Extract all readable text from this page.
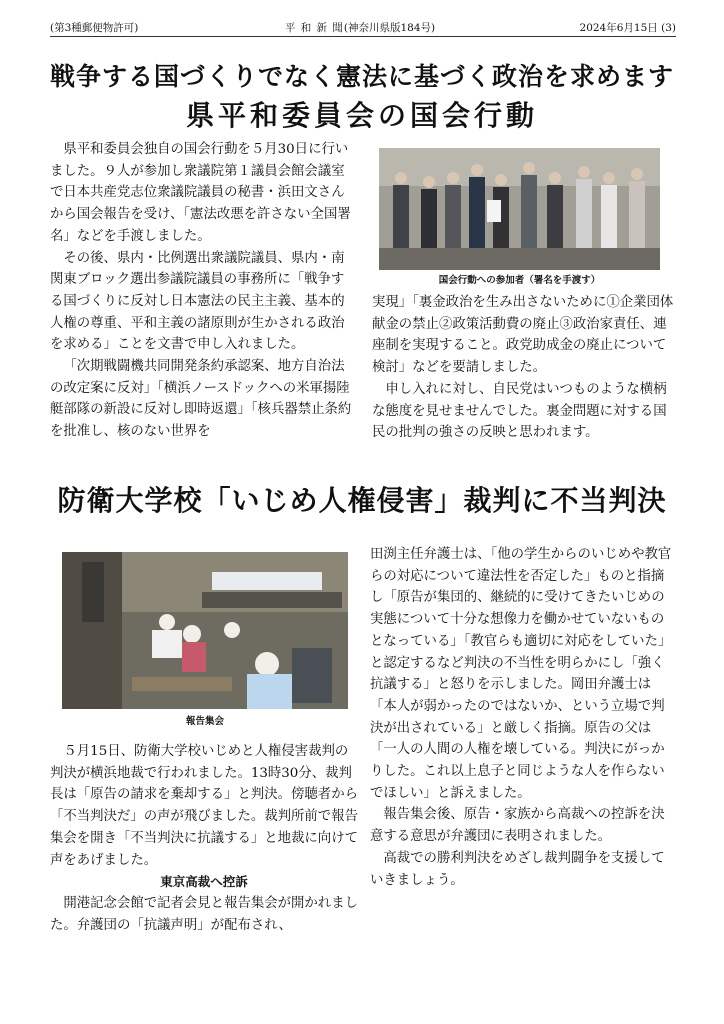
(第3種郵便物許可)	平 和 新 聞(神奈川県版184号)	2024年6月15日 (3)
戦争する国づくりでなく憲法に基づく政治を求めます
県平和委員会の国会行動

県平和委員会独自の国会行動を５月30日に行いました。９人が参加し衆議院第１議員会館会議室で日本共産党志位衆議院議員の秘書・浜田文さんから国会報告を受け、「憲法改悪を許さない全国署名」などを手渡しました。

その後、県内・比例選出衆議院議員、県内・南関東ブロック選出参議院議員の事務所に「戦争する国づくりに反対し日本憲法の民主主義、基本的人権の尊重、平和主義の諸原則が生かされる政治を求める」ことを文書で申し入れました。

「次期戦闘機共同開発条約承認案、地方自治法の改定案に反対」「横浜ノースドックへの米軍揚陸艇部隊の新設に反対し即時返還」「核兵器禁止条約を批准し、核のない世界を

国会行動への参加者（署名を手渡す）

実現」「裏金政治を生み出さないために①企業団体献金の禁止②政策活動費の廃止③政治家責任、連座制を実現すること。政党助成金の廃止について検討」などを要請しました。

申し入れに対し、自民党はいつものような横柄な態度を見せませんでした。裏金問題に対する国民の批判の強さの反映と思われます。

防衛大学校「いじめ人権侵害」裁判に不当判決
報告集会

５月15日、防衛大学校いじめと人権侵害裁判の判決が横浜地裁で行われました。13時30分、裁判長は「原告の請求を棄却する」と判決。傍聴者から「不当判決だ」の声が飛びました。裁判所前で報告集会を開き「不当判決に抗議する」と地裁に向けて声をあげました。

東京高裁へ控訴

開港記念会館で記者会見と報告集会が開かれました。弁護団の「抗議声明」が配布され、

田渕主任弁護士は、「他の学生からのいじめや教官らの対応について違法性を否定した」ものと指摘し「原告が集団的、継続的に受けてきたいじめの実態について十分な想像力を働かせていないものとなっている」「教官らも適切に対応をしていた」と認定するなど判決の不当性を明らかにし「強く抗議する」と怒りを示しました。岡田弁護士は「本人が弱かったのではないか、という立場で判決が出されている」と厳しく指摘。原告の父は「一人の人間の人権を壊している。判決にがっかりした。これ以上息子と同じような人を作らないでほしい」と訴えました。

報告集会後、原告・家族から高裁への控訴を決意する意思が弁護団に表明されました。

高裁での勝利判決をめざし裁判闘争を支援していきましょう。
